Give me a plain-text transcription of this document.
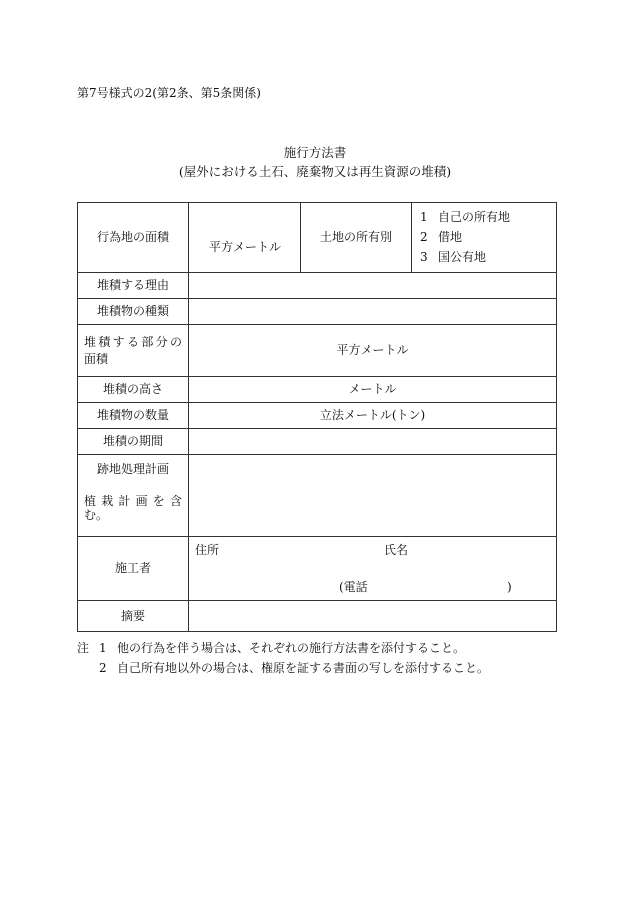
第7号様式の2(第2条、第5条関係)
施行方法書
(屋外における土石、廃棄物又は再生資源の堆積)
行為地の面積	平方メートル	土地の所有別	1 自己の所有地
2 借地
3 国公有地

堆積する理由			
堆積物の種類			

堆積する部分の
面積	平方メートル		
堆積の高さ	メートル		
堆積物の数量	立法メートル(トン)		
堆積の期間			

跡地処理計画
植栽計画を含
む。			

施工者	住所 氏名
(電話 )		

摘要			
注 1 他の行為を伴う場合は、それぞれの施行方法書を添付すること。
2 自己所有地以外の場合は、権原を証する書面の写しを添付すること。
